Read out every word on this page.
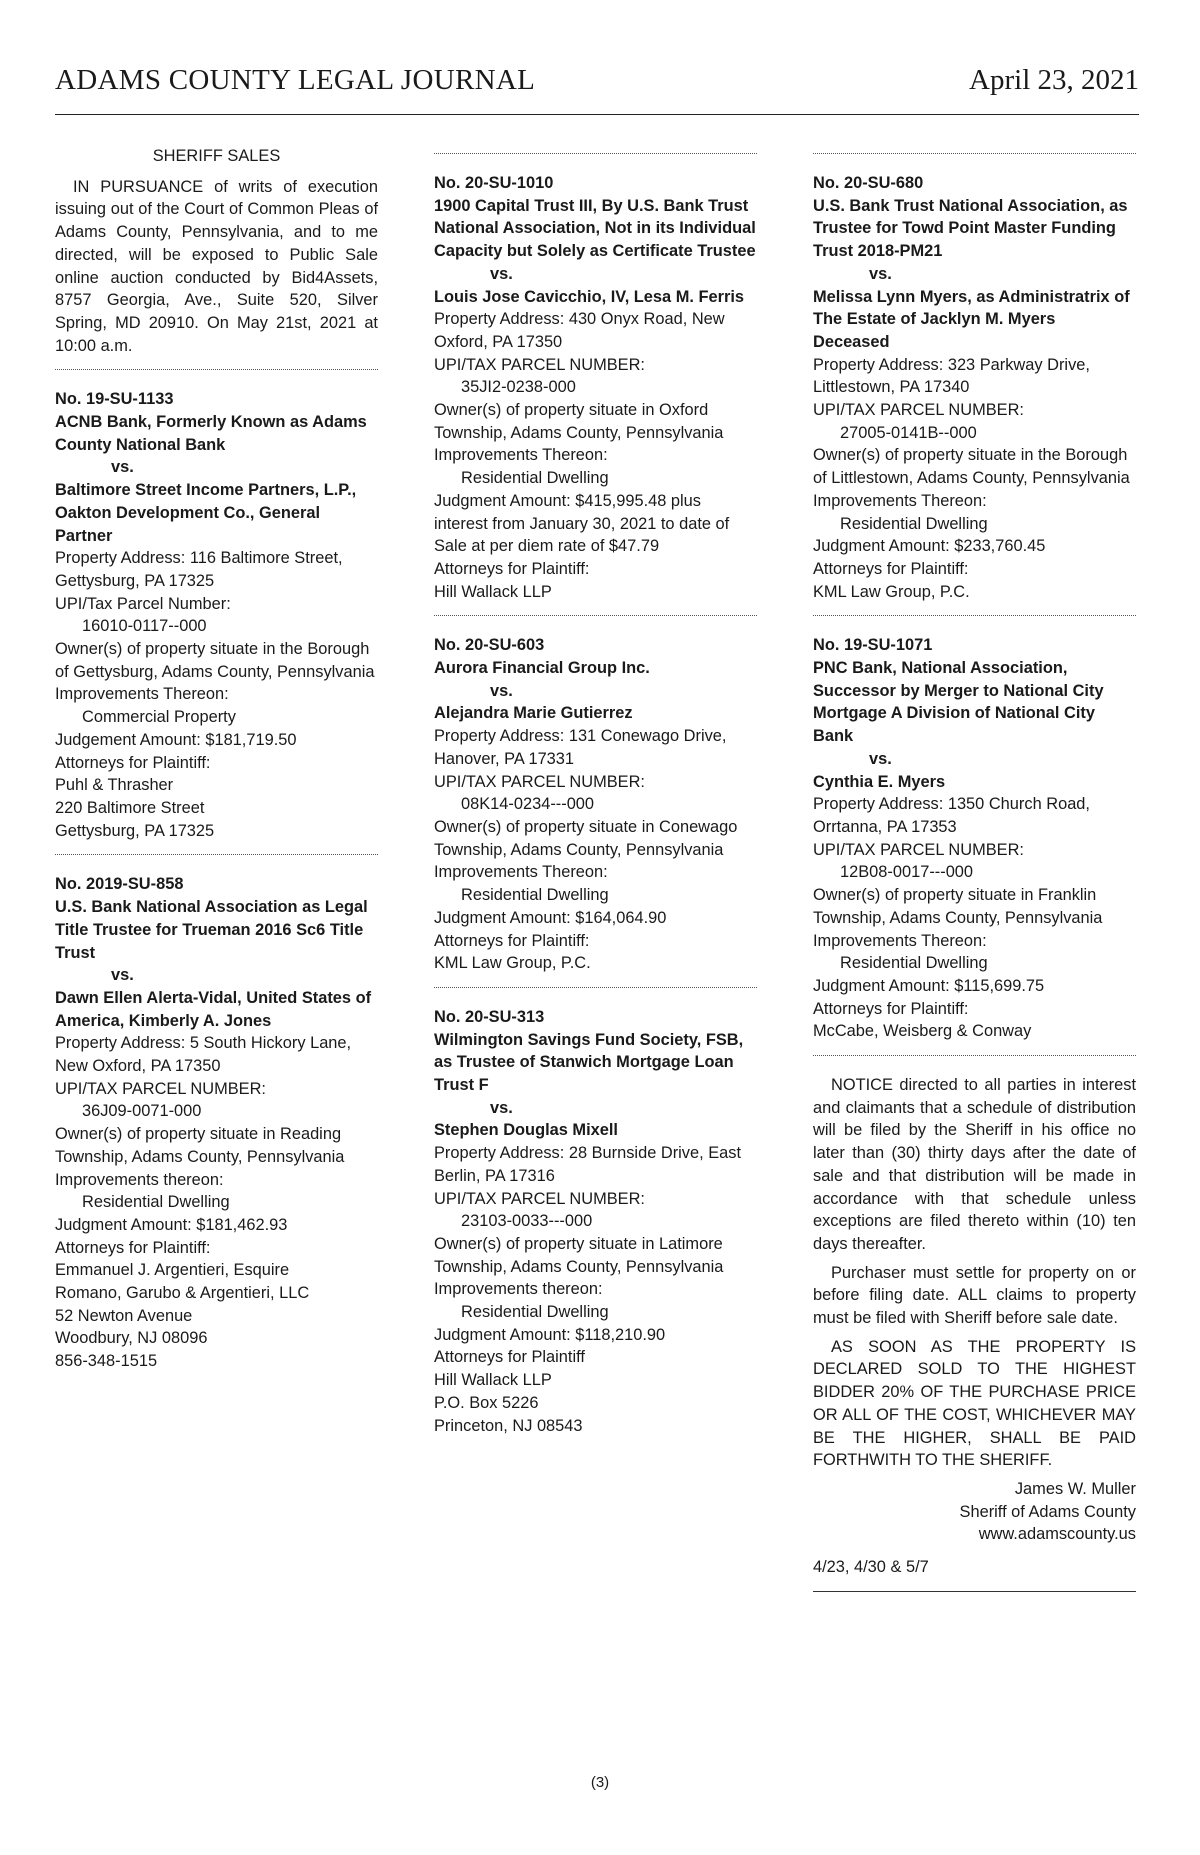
ADAMS COUNTY LEGAL JOURNAL	April 23, 2021
SHERIFF SALES

IN PURSUANCE of writs of execution issuing out of the Court of Common Pleas of Adams County, Pennsylvania, and to me directed, will be exposed to Public Sale online auction conducted by Bid4Assets, 8757 Georgia, Ave., Suite 520, Silver Spring, MD 20910. On May 21st, 2021 at 10:00 a.m.

No. 19-SU-1133
ACNB Bank, Formerly Known as Adams County National Bank
vs.
Baltimore Street Income Partners, L.P., Oakton Development Co., General Partner
Property Address: 116 Baltimore Street, Gettysburg, PA 17325
UPI/Tax Parcel Number:
16010-0117--000
Owner(s) of property situate in the Borough of Gettysburg, Adams County, Pennsylvania
Improvements Thereon:
Commercial Property
Judgement Amount: $181,719.50
Attorneys for Plaintiff:
Puhl & Thrasher
220 Baltimore Street
Gettysburg, PA 17325
No. 2019-SU-858
U.S. Bank National Association as Legal Title Trustee for Trueman 2016 Sc6 Title Trust
vs.
Dawn Ellen Alerta-Vidal, United States of America, Kimberly A. Jones
Property Address: 5 South Hickory Lane, New Oxford, PA 17350
UPI/TAX PARCEL NUMBER:
36J09-0071-000
Owner(s) of property situate in Reading Township, Adams County, Pennsylvania
Improvements thereon:
Residential Dwelling
Judgment Amount: $181,462.93
Attorneys for Plaintiff:
Emmanuel J. Argentieri, Esquire
Romano, Garubo & Argentieri, LLC
52 Newton Avenue
Woodbury, NJ 08096
856-348-1515
No. 20-SU-1010
1900 Capital Trust III, By U.S. Bank Trust National Association, Not in its Individual Capacity but Solely as Certificate Trustee
vs.
Louis Jose Cavicchio, IV, Lesa M. Ferris
Property Address: 430 Onyx Road, New Oxford, PA 17350
UPI/TAX PARCEL NUMBER:
35JI2-0238-000
Owner(s) of property situate in Oxford Township, Adams County, Pennsylvania
Improvements Thereon:
Residential Dwelling
Judgment Amount: $415,995.48 plus interest from January 30, 2021 to date of Sale at per diem rate of $47.79
Attorneys for Plaintiff:
Hill Wallack LLP
No. 20-SU-603
Aurora Financial Group Inc.
vs.
Alejandra Marie Gutierrez
Property Address: 131 Conewago Drive, Hanover, PA 17331
UPI/TAX PARCEL NUMBER:
08K14-0234---000
Owner(s) of property situate in Conewago Township, Adams County, Pennsylvania
Improvements Thereon:
Residential Dwelling
Judgment Amount: $164,064.90
Attorneys for Plaintiff:
KML Law Group, P.C.
No. 20-SU-313
Wilmington Savings Fund Society, FSB, as Trustee of Stanwich Mortgage Loan Trust F
vs.
Stephen Douglas Mixell
Property Address: 28 Burnside Drive, East Berlin, PA 17316
UPI/TAX PARCEL NUMBER:
23103-0033---000
Owner(s) of property situate in Latimore Township, Adams County, Pennsylvania
Improvements thereon:
Residential Dwelling
Judgment Amount: $118,210.90
Attorneys for Plaintiff
Hill Wallack LLP
P.O. Box 5226
Princeton, NJ 08543
No. 20-SU-680
U.S. Bank Trust National Association, as Trustee for Towd Point Master Funding Trust 2018-PM21
vs.
Melissa Lynn Myers, as Administratrix of The Estate of Jacklyn M. Myers Deceased
Property Address: 323 Parkway Drive, Littlestown, PA 17340
UPI/TAX PARCEL NUMBER:
27005-0141B--000
Owner(s) of property situate in the Borough of Littlestown, Adams County, Pennsylvania
Improvements Thereon:
Residential Dwelling
Judgment Amount: $233,760.45
Attorneys for Plaintiff:
KML Law Group, P.C.
No. 19-SU-1071
PNC Bank, National Association, Successor by Merger to National City Mortgage A Division of National City Bank
vs.
Cynthia E. Myers
Property Address: 1350 Church Road, Orrtanna, PA 17353
UPI/TAX PARCEL NUMBER:
12B08-0017---000
Owner(s) of property situate in Franklin Township, Adams County, Pennsylvania
Improvements Thereon:
Residential Dwelling
Judgment Amount: $115,699.75
Attorneys for Plaintiff:
McCabe, Weisberg & Conway

NOTICE directed to all parties in interest and claimants that a schedule of distribution will be filed by the Sheriff in his office no later than (30) thirty days after the date of sale and that distribution will be made in accordance with that schedule unless exceptions are filed thereto within (10) ten days thereafter.

Purchaser must settle for property on or before filing date. ALL claims to property must be filed with Sheriff before sale date.

AS SOON AS THE PROPERTY IS DECLARED SOLD TO THE HIGHEST BIDDER 20% OF THE PURCHASE PRICE OR ALL OF THE COST, WHICHEVER MAY BE THE HIGHER, SHALL BE PAID FORTHWITH TO THE SHERIFF.

James W. Muller
Sheriff of Adams County
www.adamscounty.us
4/23, 4/30 & 5/7
(3)
